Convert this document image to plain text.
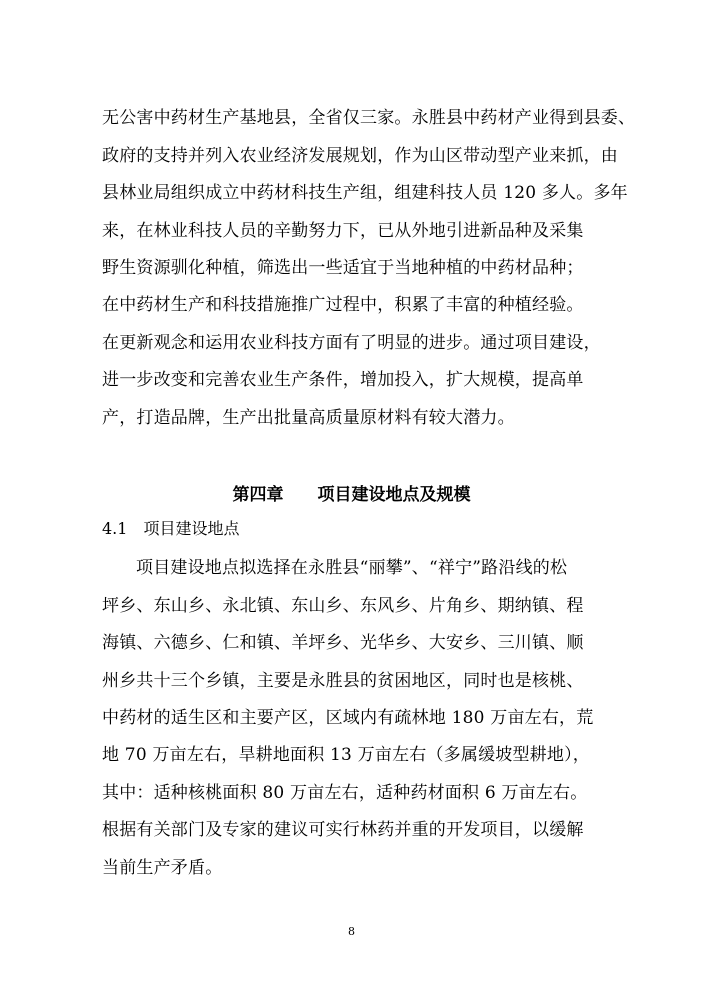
无公害中药材生产基地县，全省仅三家。永胜县中药材产业得到县委、
政府的支持并列入农业经济发展规划，作为山区带动型产业来抓，由
县林业局组织成立中药材科技生产组，组建科技人员 120 多人。多年
来，在林业科技人员的辛勤努力下，已从外地引进新品种及采集
野生资源驯化种植，筛选出一些适宜于当地种植的中药材品种；
在中药材生产和科技措施推广过程中，积累了丰富的种植经验。
在更新观念和运用农业科技方面有了明显的进步。通过项目建设，
进一步改变和完善农业生产条件，增加投入，扩大规模，提高单
产，打造品牌，生产出批量高质量原材料有较大潜力。
第四章　　项目建设地点及规模
4.1　项目建设地点
项目建设地点拟选择在永胜县“丽攀”、“祥宁”路沿线的松
坪乡、东山乡、永北镇、东山乡、东风乡、片角乡、期纳镇、程
海镇、六德乡、仁和镇、羊坪乡、光华乡、大安乡、三川镇、顺
州乡共十三个乡镇，主要是永胜县的贫困地区，同时也是核桃、
中药材的适生区和主要产区，区域内有疏林地 180 万亩左右，荒
地 70 万亩左右，旱耕地面积 13 万亩左右（多属缓坡型耕地），
其中：适种核桃面积 80 万亩左右，适种药材面积 6 万亩左右。
根据有关部门及专家的建议可实行林药并重的开发项目，以缓解
当前生产矛盾。
8
